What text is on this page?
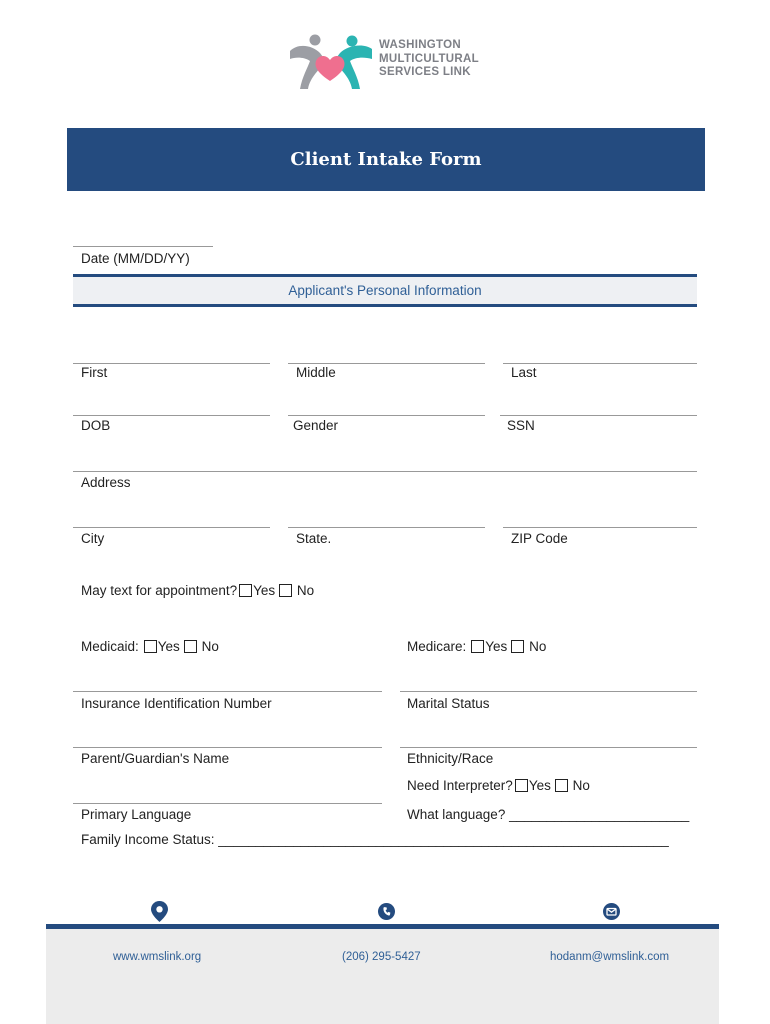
WASHINGTON
MULTICULTURAL
SERVICES LINK
Client Intake Form
Date (MM/DD/YY)
Applicant's Personal Information
First	Middle	Last
DOB	Gender	SSN
Address
City	State.	ZIP Code
May text for appointment? Yes No
Medicaid: Yes No	Medicare: Yes No
Insurance Identification Number	Marital Status
Parent/Guardian's Name	Ethnicity/Race
Need Interpreter? Yes No
Primary Language	What language? ________________________
Family Income Status: ____________________________________________________________
www.wmslink.org	(206) 295-5427	hodanm@wmslink.com
